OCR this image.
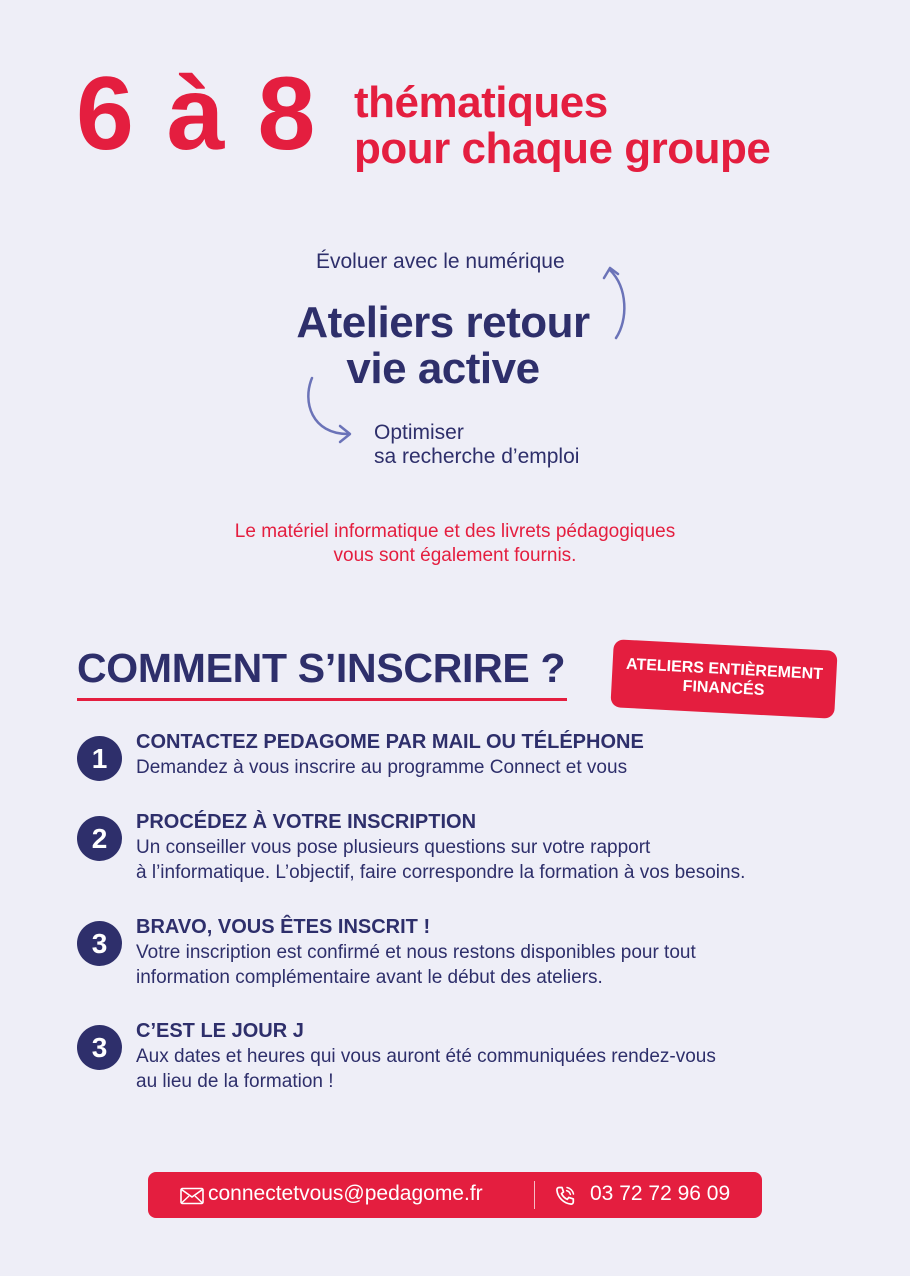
6 à 8 thématiques
pour chaque groupe
Évoluer avec le numérique
Ateliers retour
vie active
Optimiser
sa recherche d’emploi
Le matériel informatique et des livrets pédagogiques
vous sont également fournis.
COMMENT S’INSCRIRE ?	ATELIERS ENTIÈREMENT
FINANCÉS
1
CONTACTEZ PEDAGOME PAR MAIL OU TÉLÉPHONE
Demandez à vous inscrire au programme Connect et vous
2
PROCÉDEZ À VOTRE INSCRIPTION
Un conseiller vous pose plusieurs questions sur votre rapport
à l’informatique. L’objectif, faire correspondre la formation à vos besoins.
3
BRAVO, VOUS ÊTES INSCRIT !
Votre inscription est confirmé et nous restons disponibles pour tout
information complémentaire avant le début des ateliers.
3
C’EST LE JOUR J
Aux dates et heures qui vous auront été communiquées rendez-vous
au lieu de la formation !
connectetvous@pedagome.fr	03 72 72 96 09
